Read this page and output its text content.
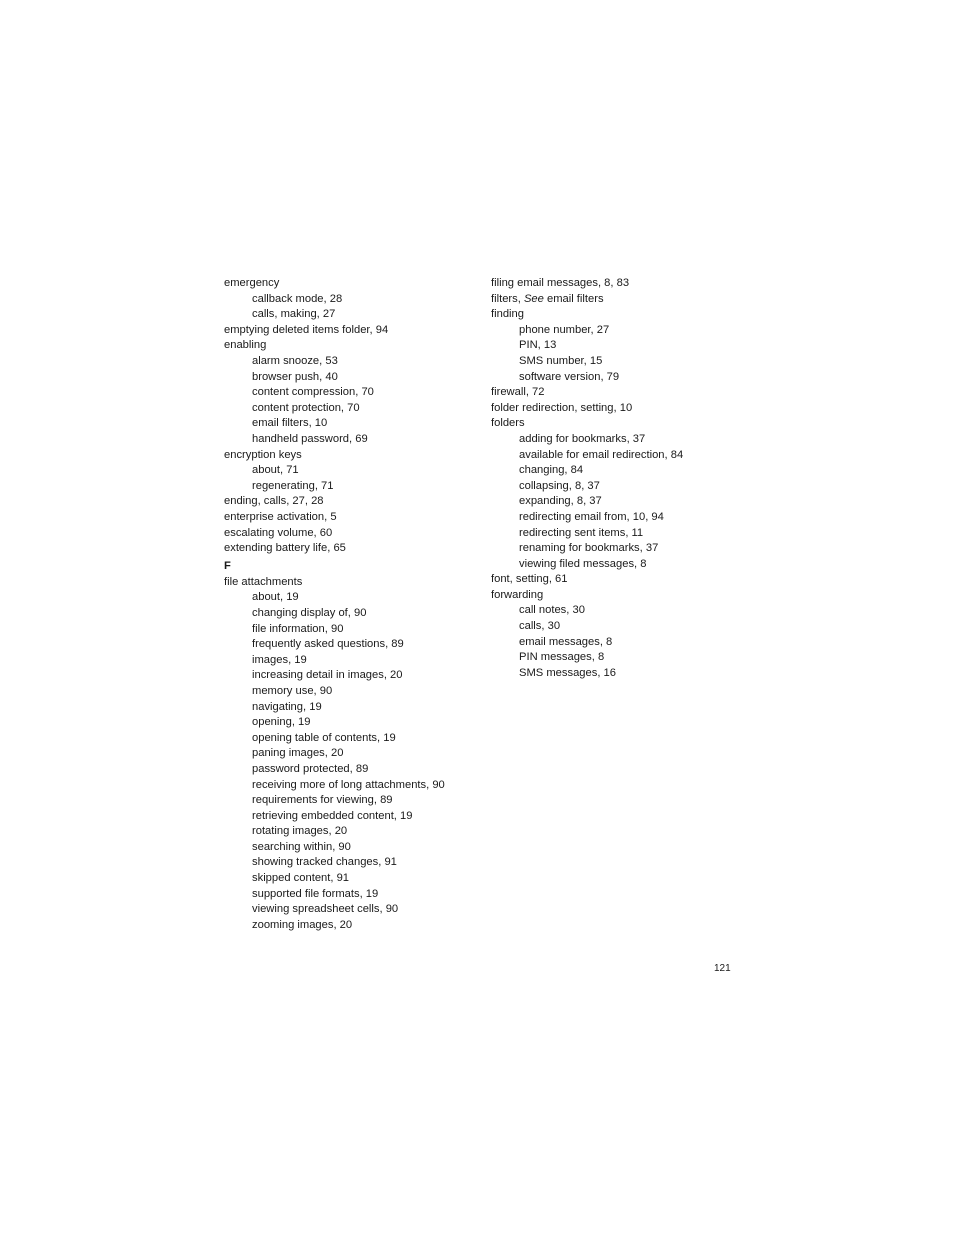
emergency
callback mode, 28
calls, making, 27
emptying deleted items folder, 94
enabling
alarm snooze, 53
browser push, 40
content compression, 70
content protection, 70
email filters, 10
handheld password, 69
encryption keys
about, 71
regenerating, 71
ending, calls, 27, 28
enterprise activation, 5
escalating volume, 60
extending battery life, 65
F
file attachments
about, 19
changing display of, 90
file information, 90
frequently asked questions, 89
images, 19
increasing detail in images, 20
memory use, 90
navigating, 19
opening, 19
opening table of contents, 19
paning images, 20
password protected, 89
receiving more of long attachments, 90
requirements for viewing, 89
retrieving embedded content, 19
rotating images, 20
searching within, 90
showing tracked changes, 91
skipped content, 91
supported file formats, 19
viewing spreadsheet cells, 90
zooming images, 20
filing email messages, 8, 83
filters, See email filters
finding
phone number, 27
PIN, 13
SMS number, 15
software version, 79
firewall, 72
folder redirection, setting, 10
folders
adding for bookmarks, 37
available for email redirection, 84
changing, 84
collapsing, 8, 37
expanding, 8, 37
redirecting email from, 10, 94
redirecting sent items, 11
renaming for bookmarks, 37
viewing filed messages, 8
font, setting, 61
forwarding
call notes, 30
calls, 30
email messages, 8
PIN messages, 8
SMS messages, 16
121
